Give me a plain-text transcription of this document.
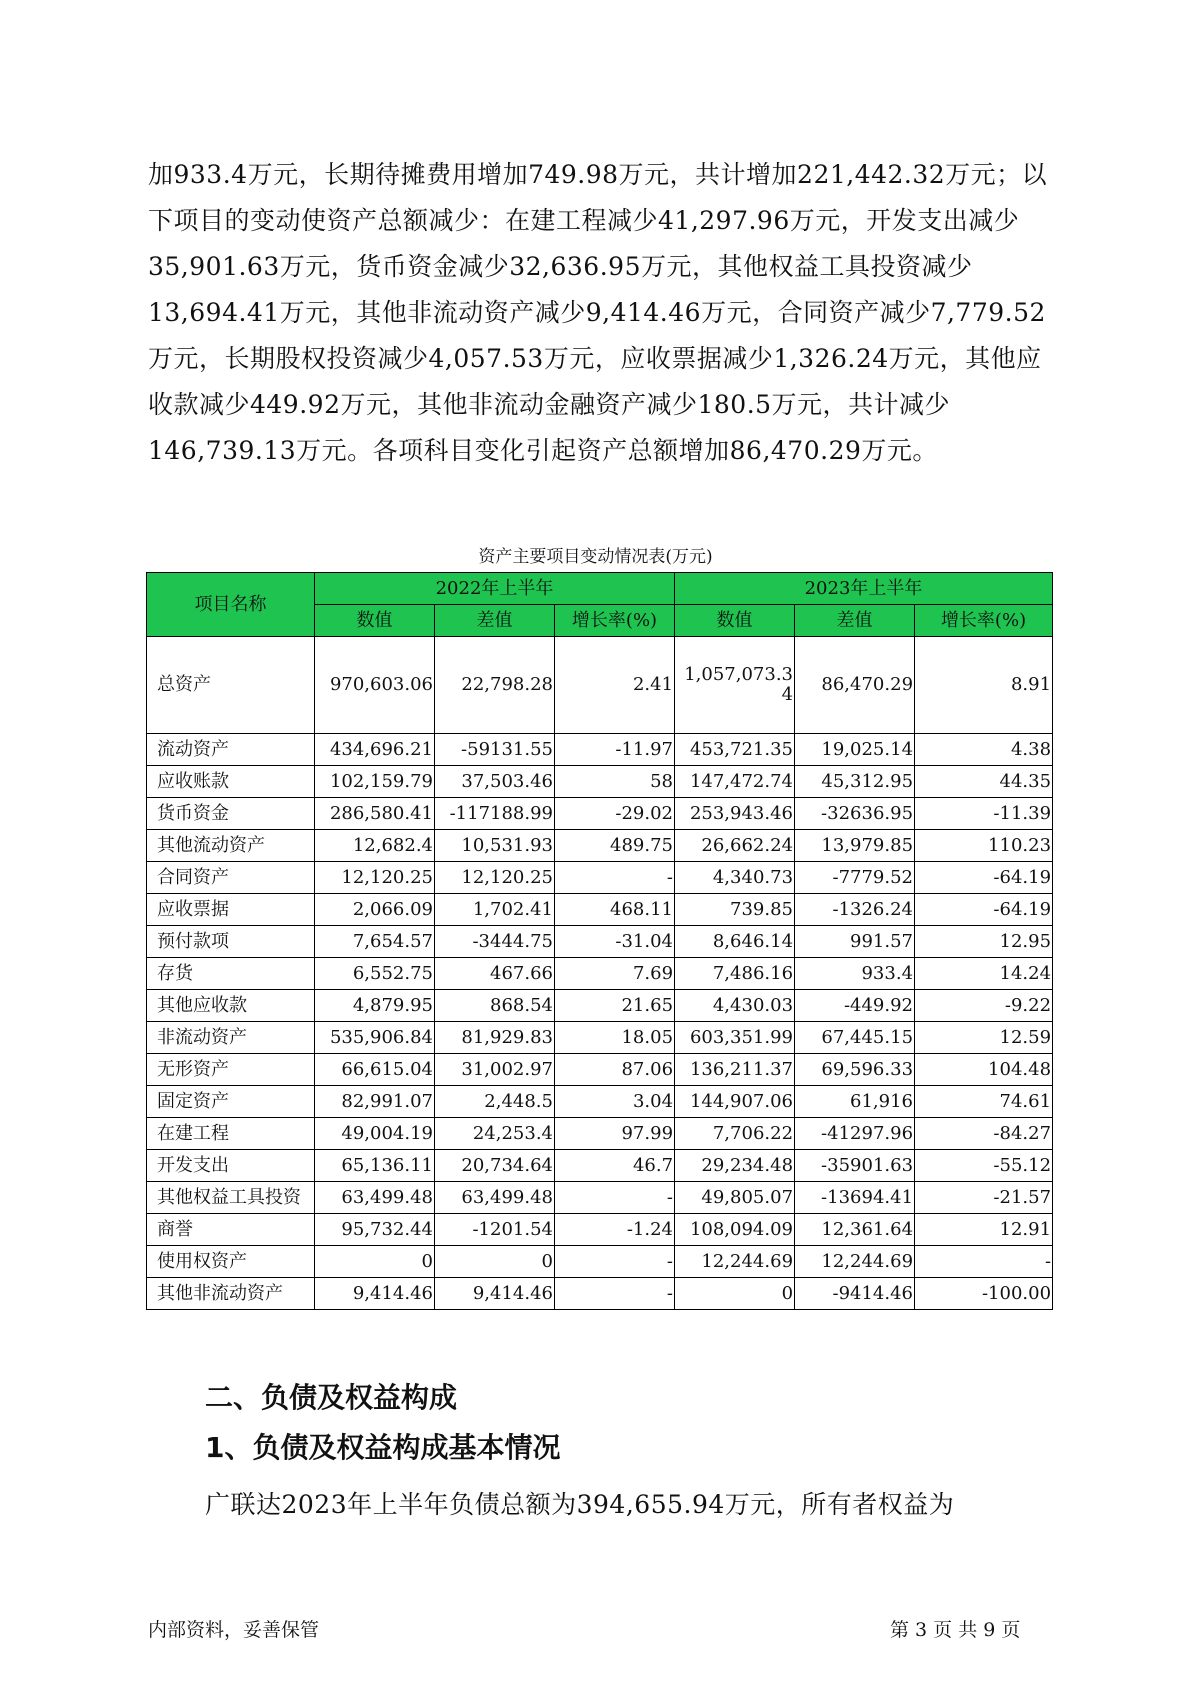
加933.4万元，长期待摊费用增加749.98万元，共计增加221,442.32万元；以下项目的变动使资产总额减少：在建工程减少41,297.96万元，开发支出减少35,901.63万元，货币资金减少32,636.95万元，其他权益工具投资减少13,694.41万元，其他非流动资产减少9,414.46万元，合同资产减少7,779.52万元，长期股权投资减少4,057.53万元，应收票据减少1,326.24万元，其他应收款减少449.92万元，其他非流动金融资产减少180.5万元，共计减少146,739.13万元。各项科目变化引起资产总额增加86,470.29万元。
资产主要项目变动情况表(万元)
项目名称	2022年上半年			2023年上半年		
	数值	差值	增长率(%)	数值	差值	增长率(%)
总资产	970,603.06	22,798.28	2.41	1,057,073.34	86,470.29	8.91
流动资产	434,696.21	-59131.55	-11.97	453,721.35	19,025.14	4.38
应收账款	102,159.79	37,503.46	58	147,472.74	45,312.95	44.35
货币资金	286,580.41	-117188.99	-29.02	253,943.46	-32636.95	-11.39
其他流动资产	12,682.4	10,531.93	489.75	26,662.24	13,979.85	110.23
合同资产	12,120.25	12,120.25	-	4,340.73	-7779.52	-64.19
应收票据	2,066.09	1,702.41	468.11	739.85	-1326.24	-64.19
预付款项	7,654.57	-3444.75	-31.04	8,646.14	991.57	12.95
存货	6,552.75	467.66	7.69	7,486.16	933.4	14.24
其他应收款	4,879.95	868.54	21.65	4,430.03	-449.92	-9.22
非流动资产	535,906.84	81,929.83	18.05	603,351.99	67,445.15	12.59
无形资产	66,615.04	31,002.97	87.06	136,211.37	69,596.33	104.48
固定资产	82,991.07	2,448.5	3.04	144,907.06	61,916	74.61
在建工程	49,004.19	24,253.4	97.99	7,706.22	-41297.96	-84.27
开发支出	65,136.11	20,734.64	46.7	29,234.48	-35901.63	-55.12
其他权益工具投资	63,499.48	63,499.48	-	49,805.07	-13694.41	-21.57
商誉	95,732.44	-1201.54	-1.24	108,094.09	12,361.64	12.91
使用权资产	0	0	-	12,244.69	12,244.69	-
其他非流动资产	9,414.46	9,414.46	-	0	-9414.46	-100.00
二、负债及权益构成
1、负债及权益构成基本情况
广联达2023年上半年负债总额为394,655.94万元，所有者权益为
内部资料，妥善保管	第 3 页 共 9 页
